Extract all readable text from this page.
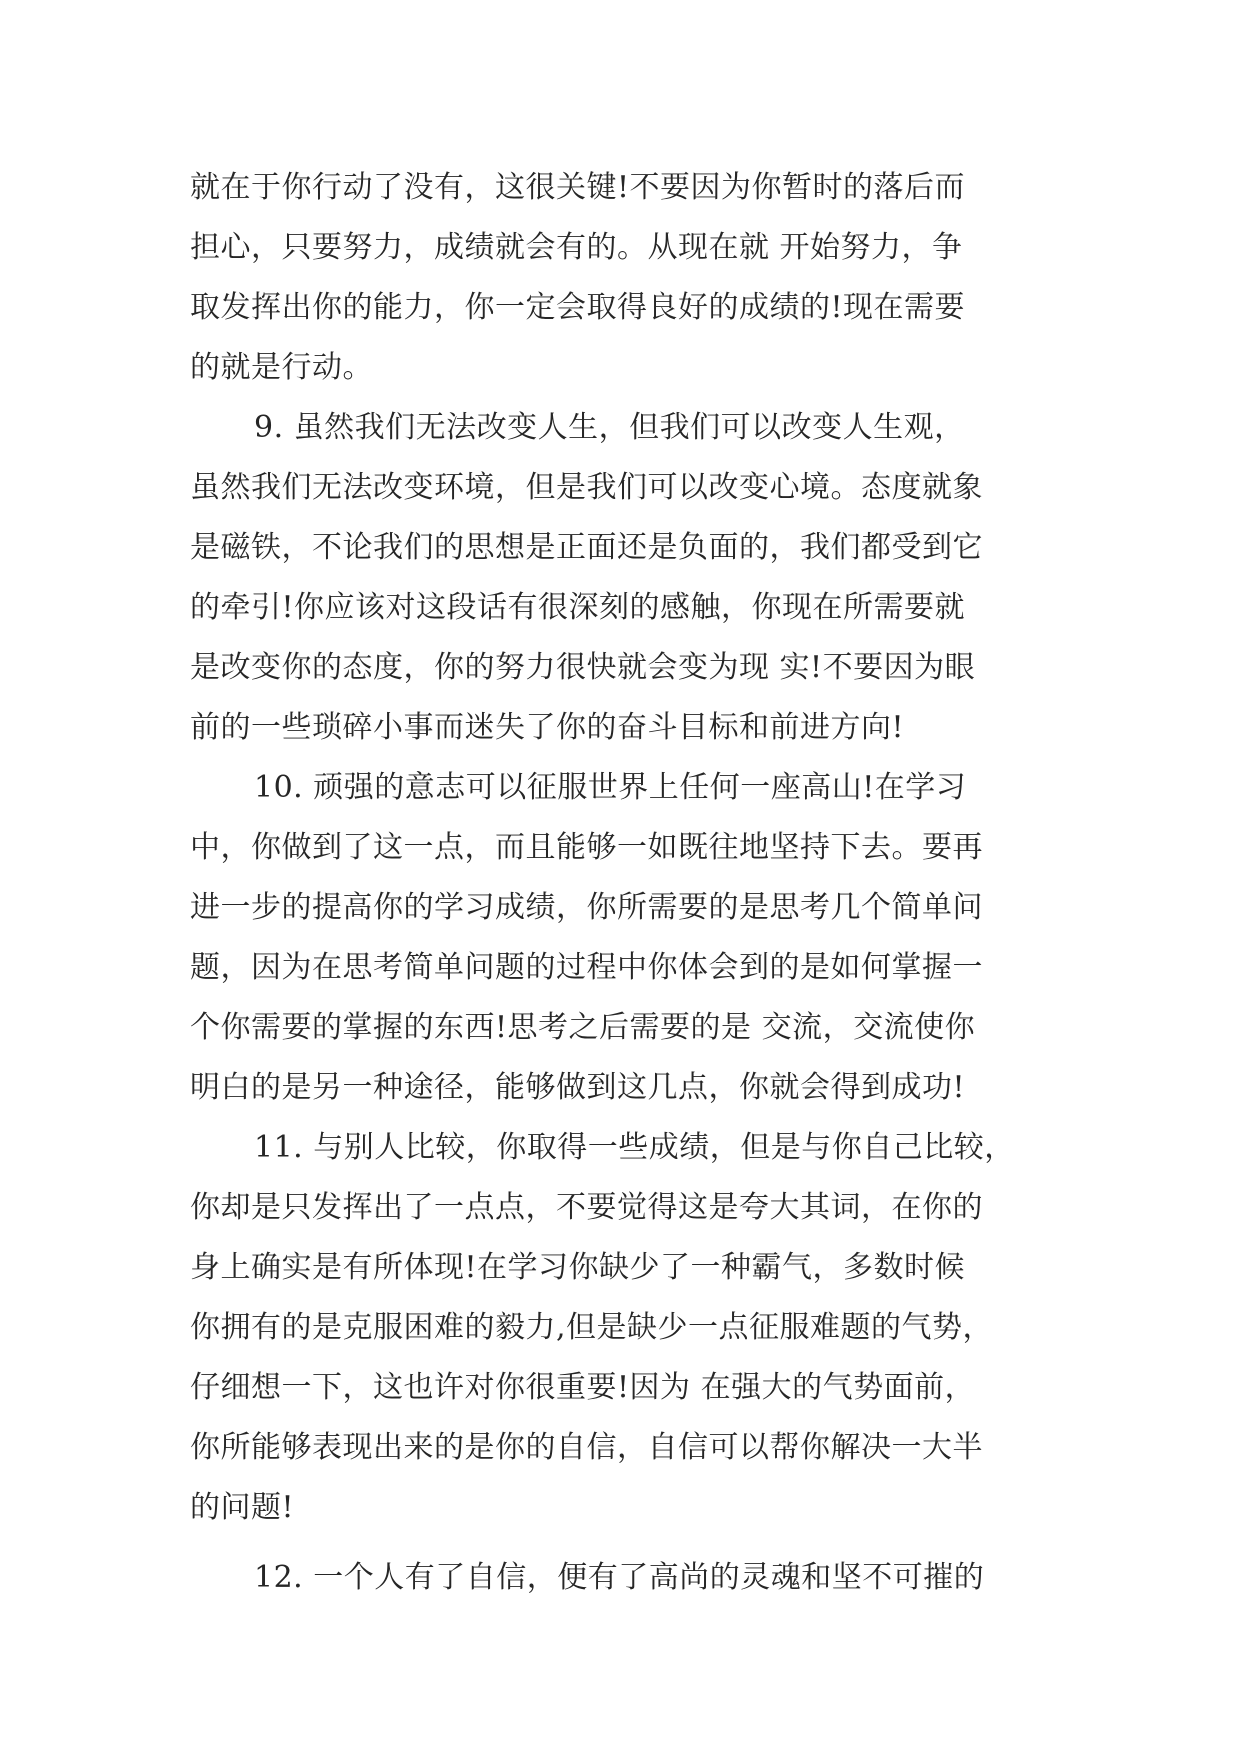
就在于你行动了没有，这很关键!不要因为你暂时的落后而
担心，只要努力，成绩就会有的。从现在就 开始努力，争
取发挥出你的能力，你一定会取得良好的成绩的!现在需要
的就是行动。
9. 虽然我们无法改变人生，但我们可以改变人生观，
虽然我们无法改变环境，但是我们可以改变心境。态度就象
是磁铁，不论我们的思想是正面还是负面的，我们都受到它
的牵引!你应该对这段话有很深刻的感触，你现在所需要就
是改变你的态度，你的努力很快就会变为现 实!不要因为眼
前的一些琐碎小事而迷失了你的奋斗目标和前进方向!
10. 顽强的意志可以征服世界上任何一座高山!在学习
中，你做到了这一点，而且能够一如既往地坚持下去。要再
进一步的提高你的学习成绩，你所需要的是思考几个简单问
题，因为在思考简单问题的过程中你体会到的是如何掌握一
个你需要的掌握的东西!思考之后需要的是 交流，交流使你
明白的是另一种途径，能够做到这几点，你就会得到成功!
11. 与别人比较，你取得一些成绩，但是与你自己比较，
你却是只发挥出了一点点，不要觉得这是夸大其词，在你的
身上确实是有所体现!在学习你缺少了一种霸气，多数时候
你拥有的是克服困难的毅力,但是缺少一点征服难题的气势，
仔细想一下，这也许对你很重要!因为 在强大的气势面前，
你所能够表现出来的是你的自信，自信可以帮你解决一大半
的问题!
12. 一个人有了自信，便有了高尚的灵魂和坚不可摧的
